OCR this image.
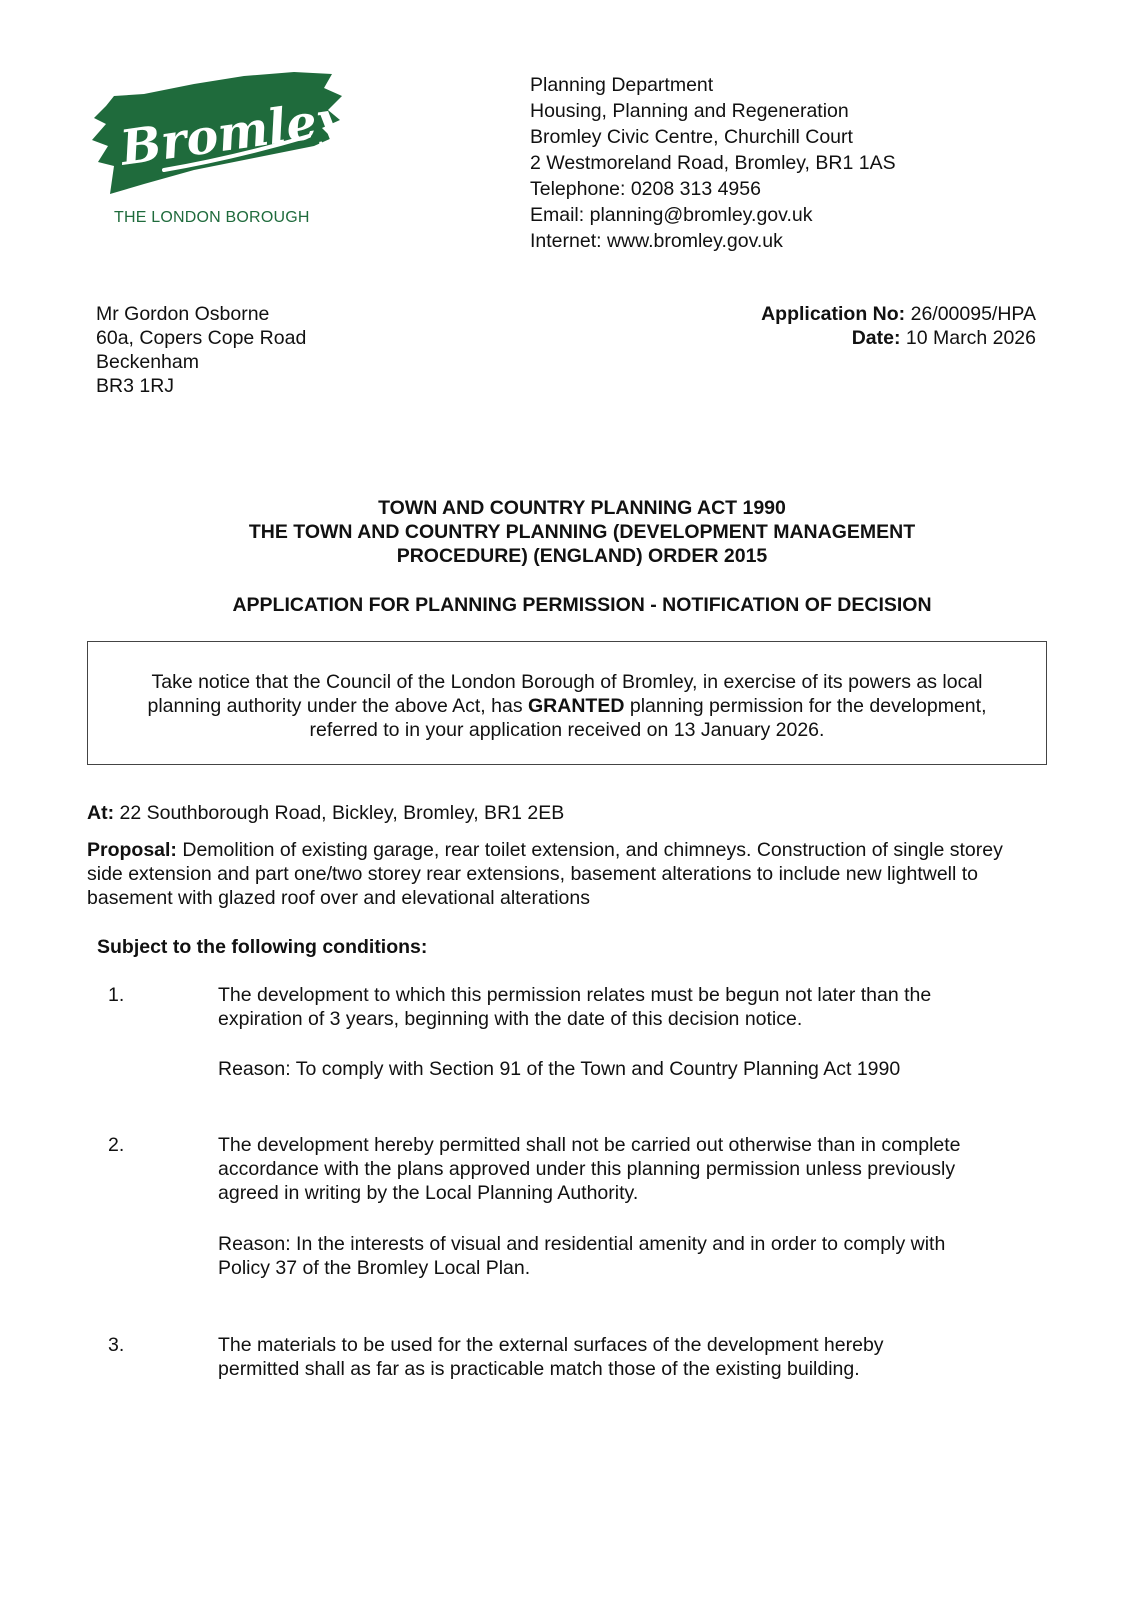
Bromley
THE LONDON BOROUGH
Planning Department
Housing, Planning and Regeneration
Bromley Civic Centre, Churchill Court
2 Westmoreland Road, Bromley, BR1 1AS
Telephone: 0208 313 4956
Email: planning@bromley.gov.uk
Internet: www.bromley.gov.uk
Mr Gordon Osborne
60a, Copers Cope Road
Beckenham
BR3 1RJ
Application No: 26/00095/HPA
Date: 10 March 2026
TOWN AND COUNTRY PLANNING ACT 1990
THE TOWN AND COUNTRY PLANNING (DEVELOPMENT MANAGEMENT
PROCEDURE) (ENGLAND) ORDER 2015
APPLICATION FOR PLANNING PERMISSION - NOTIFICATION OF DECISION
Take notice that the Council of the London Borough of Bromley, in exercise of its powers as local
planning authority under the above Act, has GRANTED planning permission for the development,
referred to in your application received on 13 January 2026.
At: 22 Southborough Road, Bickley, Bromley, BR1 2EB
Proposal: Demolition of existing garage, rear toilet extension, and chimneys. Construction of single storey
side extension and part one/two storey rear extensions, basement alterations to include new lightwell to
basement with glazed roof over and elevational alterations
Subject to the following conditions:
1.	The development to which this permission relates must be begun not later than the
expiration of 3 years, beginning with the date of this decision notice.
Reason: To comply with Section 91 of the Town and Country Planning Act 1990
2.	The development hereby permitted shall not be carried out otherwise than in complete
accordance with the plans approved under this planning permission unless previously
agreed in writing by the Local Planning Authority.
Reason: In the interests of visual and residential amenity and in order to comply with
Policy 37 of the Bromley Local Plan.
3.	The materials to be used for the external surfaces of the development hereby
permitted shall as far as is practicable match those of the existing building.
